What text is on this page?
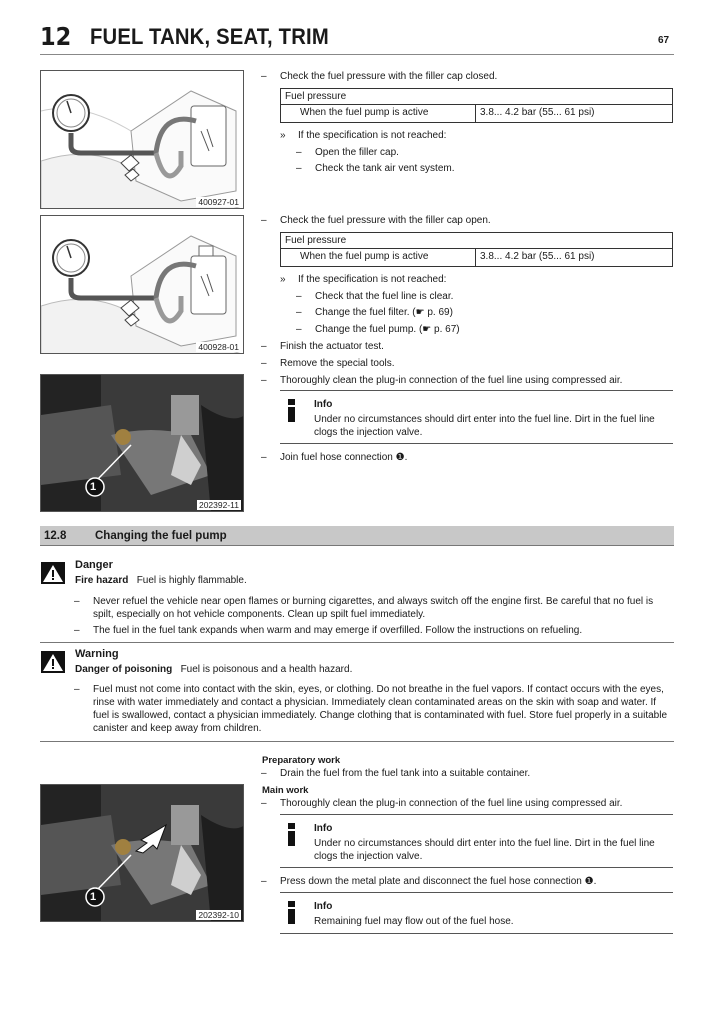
12 FUEL TANK, SEAT, TRIM	67
400927-01
400928-01
1
202392-11
– Check the fuel pressure with the filler cap closed.
Fuel pressure
When the fuel pump is active	3.8... 4.2 bar (55... 61 psi)
» If the specification is not reached:
– Open the filler cap.
– Check the tank air vent system.
– Check the fuel pressure with the filler cap open.
Fuel pressure
When the fuel pump is active	3.8... 4.2 bar (55... 61 psi)
» If the specification is not reached:
– Check that the fuel line is clear.
– Change the fuel filter. (☛ p. 69)
– Change the fuel pump. (☛ p. 67)
– Finish the actuator test.
– Remove the special tools.
– Thoroughly clean the plug-in connection of the fuel line using compressed air.
Info
Under no circumstances should dirt enter into the fuel line. Dirt in the fuel line clogs the injection valve.
– Join fuel hose connection ❶.
12.8 Changing the fuel pump
Danger
Fire hazard Fuel is highly flammable.
– Never refuel the vehicle near open flames or burning cigarettes, and always switch off the engine first. Be careful that no fuel is spilt, especially on hot vehicle components. Clean up spilt fuel immediately.
– The fuel in the fuel tank expands when warm and may emerge if overfilled. Follow the instructions on refueling.
Warning
Danger of poisoning Fuel is poisonous and a health hazard.
– Fuel must not come into contact with the skin, eyes, or clothing. Do not breathe in the fuel vapors. If contact occurs with the eyes, rinse with water immediately and contact a physician. Immediately clean contaminated areas on the skin with soap and water. If fuel is swallowed, contact a physician immediately. Change clothing that is contaminated with fuel. Store fuel properly in a suitable canister and keep away from children.
Preparatory work
– Drain the fuel from the fuel tank into a suitable container.
Main work
– Thoroughly clean the plug-in connection of the fuel line using compressed air.
Info
Under no circumstances should dirt enter into the fuel line. Dirt in the fuel line clogs the injection valve.
– Press down the metal plate and disconnect the fuel hose connection ❶.
Info
Remaining fuel may flow out of the fuel hose.
1
202392-10
